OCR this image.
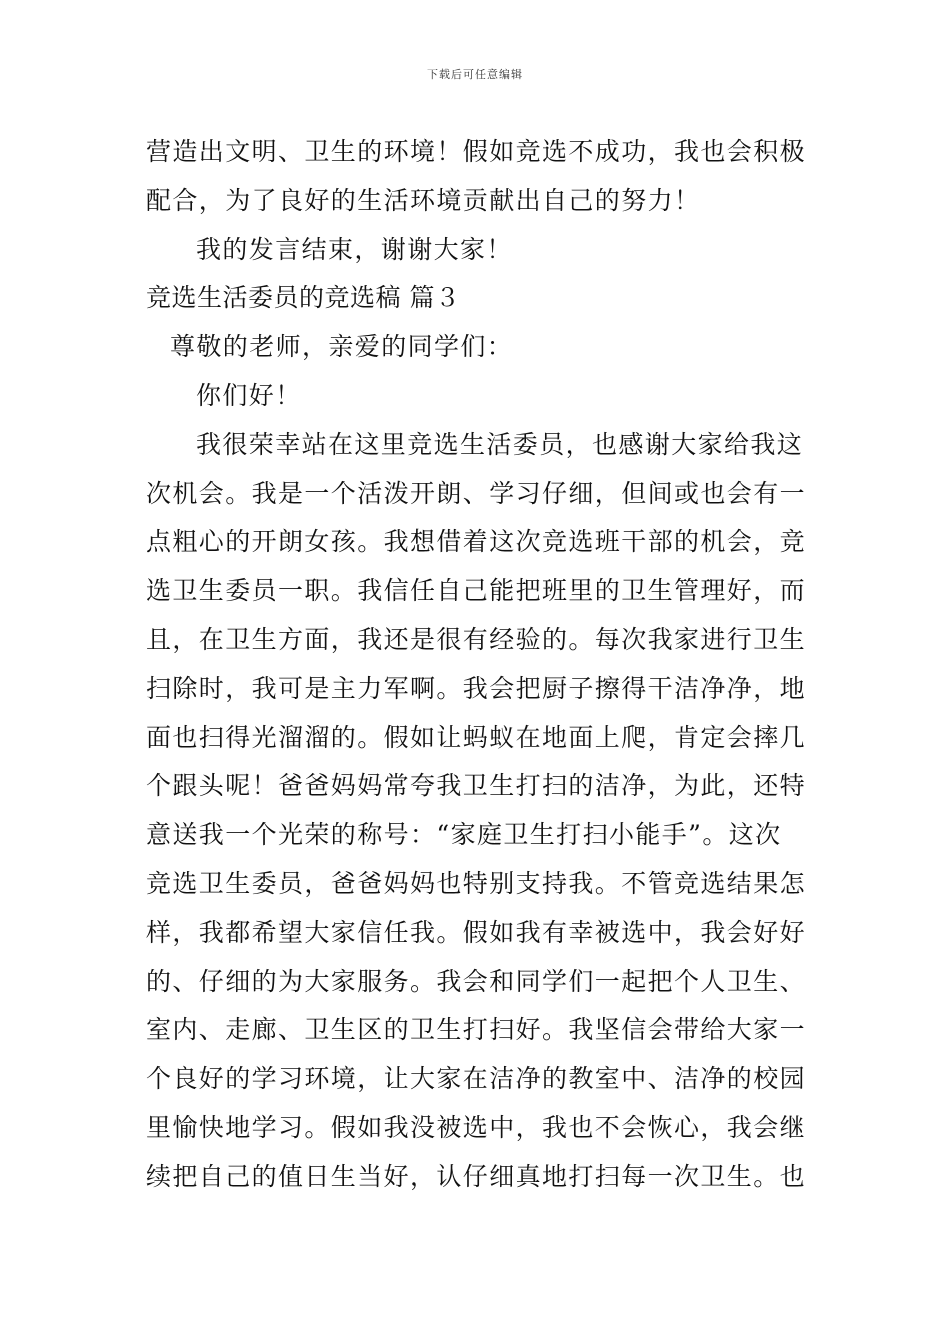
下载后可任意编辑
营造出文明、卫生的环境！假如竞选不成功，我也会积极
配合，为了良好的生活环境贡献出自己的努力！
我的发言结束，谢谢大家！
竞选生活委员的竞选稿 篇３
尊敬的老师，亲爱的同学们：
你们好！
我很荣幸站在这里竞选生活委员，也感谢大家给我这
次机会。我是一个活泼开朗、学习仔细，但间或也会有一
点粗心的开朗女孩。我想借着这次竞选班干部的机会，竞
选卫生委员一职。我信任自己能把班里的卫生管理好，而
且，在卫生方面，我还是很有经验的。每次我家进行卫生
扫除时，我可是主力军啊。我会把厨子擦得干洁净净，地
面也扫得光溜溜的。假如让蚂蚁在地面上爬，肯定会摔几
个跟头呢！爸爸妈妈常夸我卫生打扫的洁净，为此，还特
意送我一个光荣的称号：“家庭卫生打扫小能手”。这次
竞选卫生委员，爸爸妈妈也特别支持我。不管竞选结果怎
样，我都希望大家信任我。假如我有幸被选中，我会好好
的、仔细的为大家服务。我会和同学们一起把个人卫生、
室内、走廊、卫生区的卫生打扫好。我坚信会带给大家一
个良好的学习环境，让大家在洁净的教室中、洁净的校园
里愉快地学习。假如我没被选中，我也不会恢心，我会继
续把自己的值日生当好，认仔细真地打扫每一次卫生。也
